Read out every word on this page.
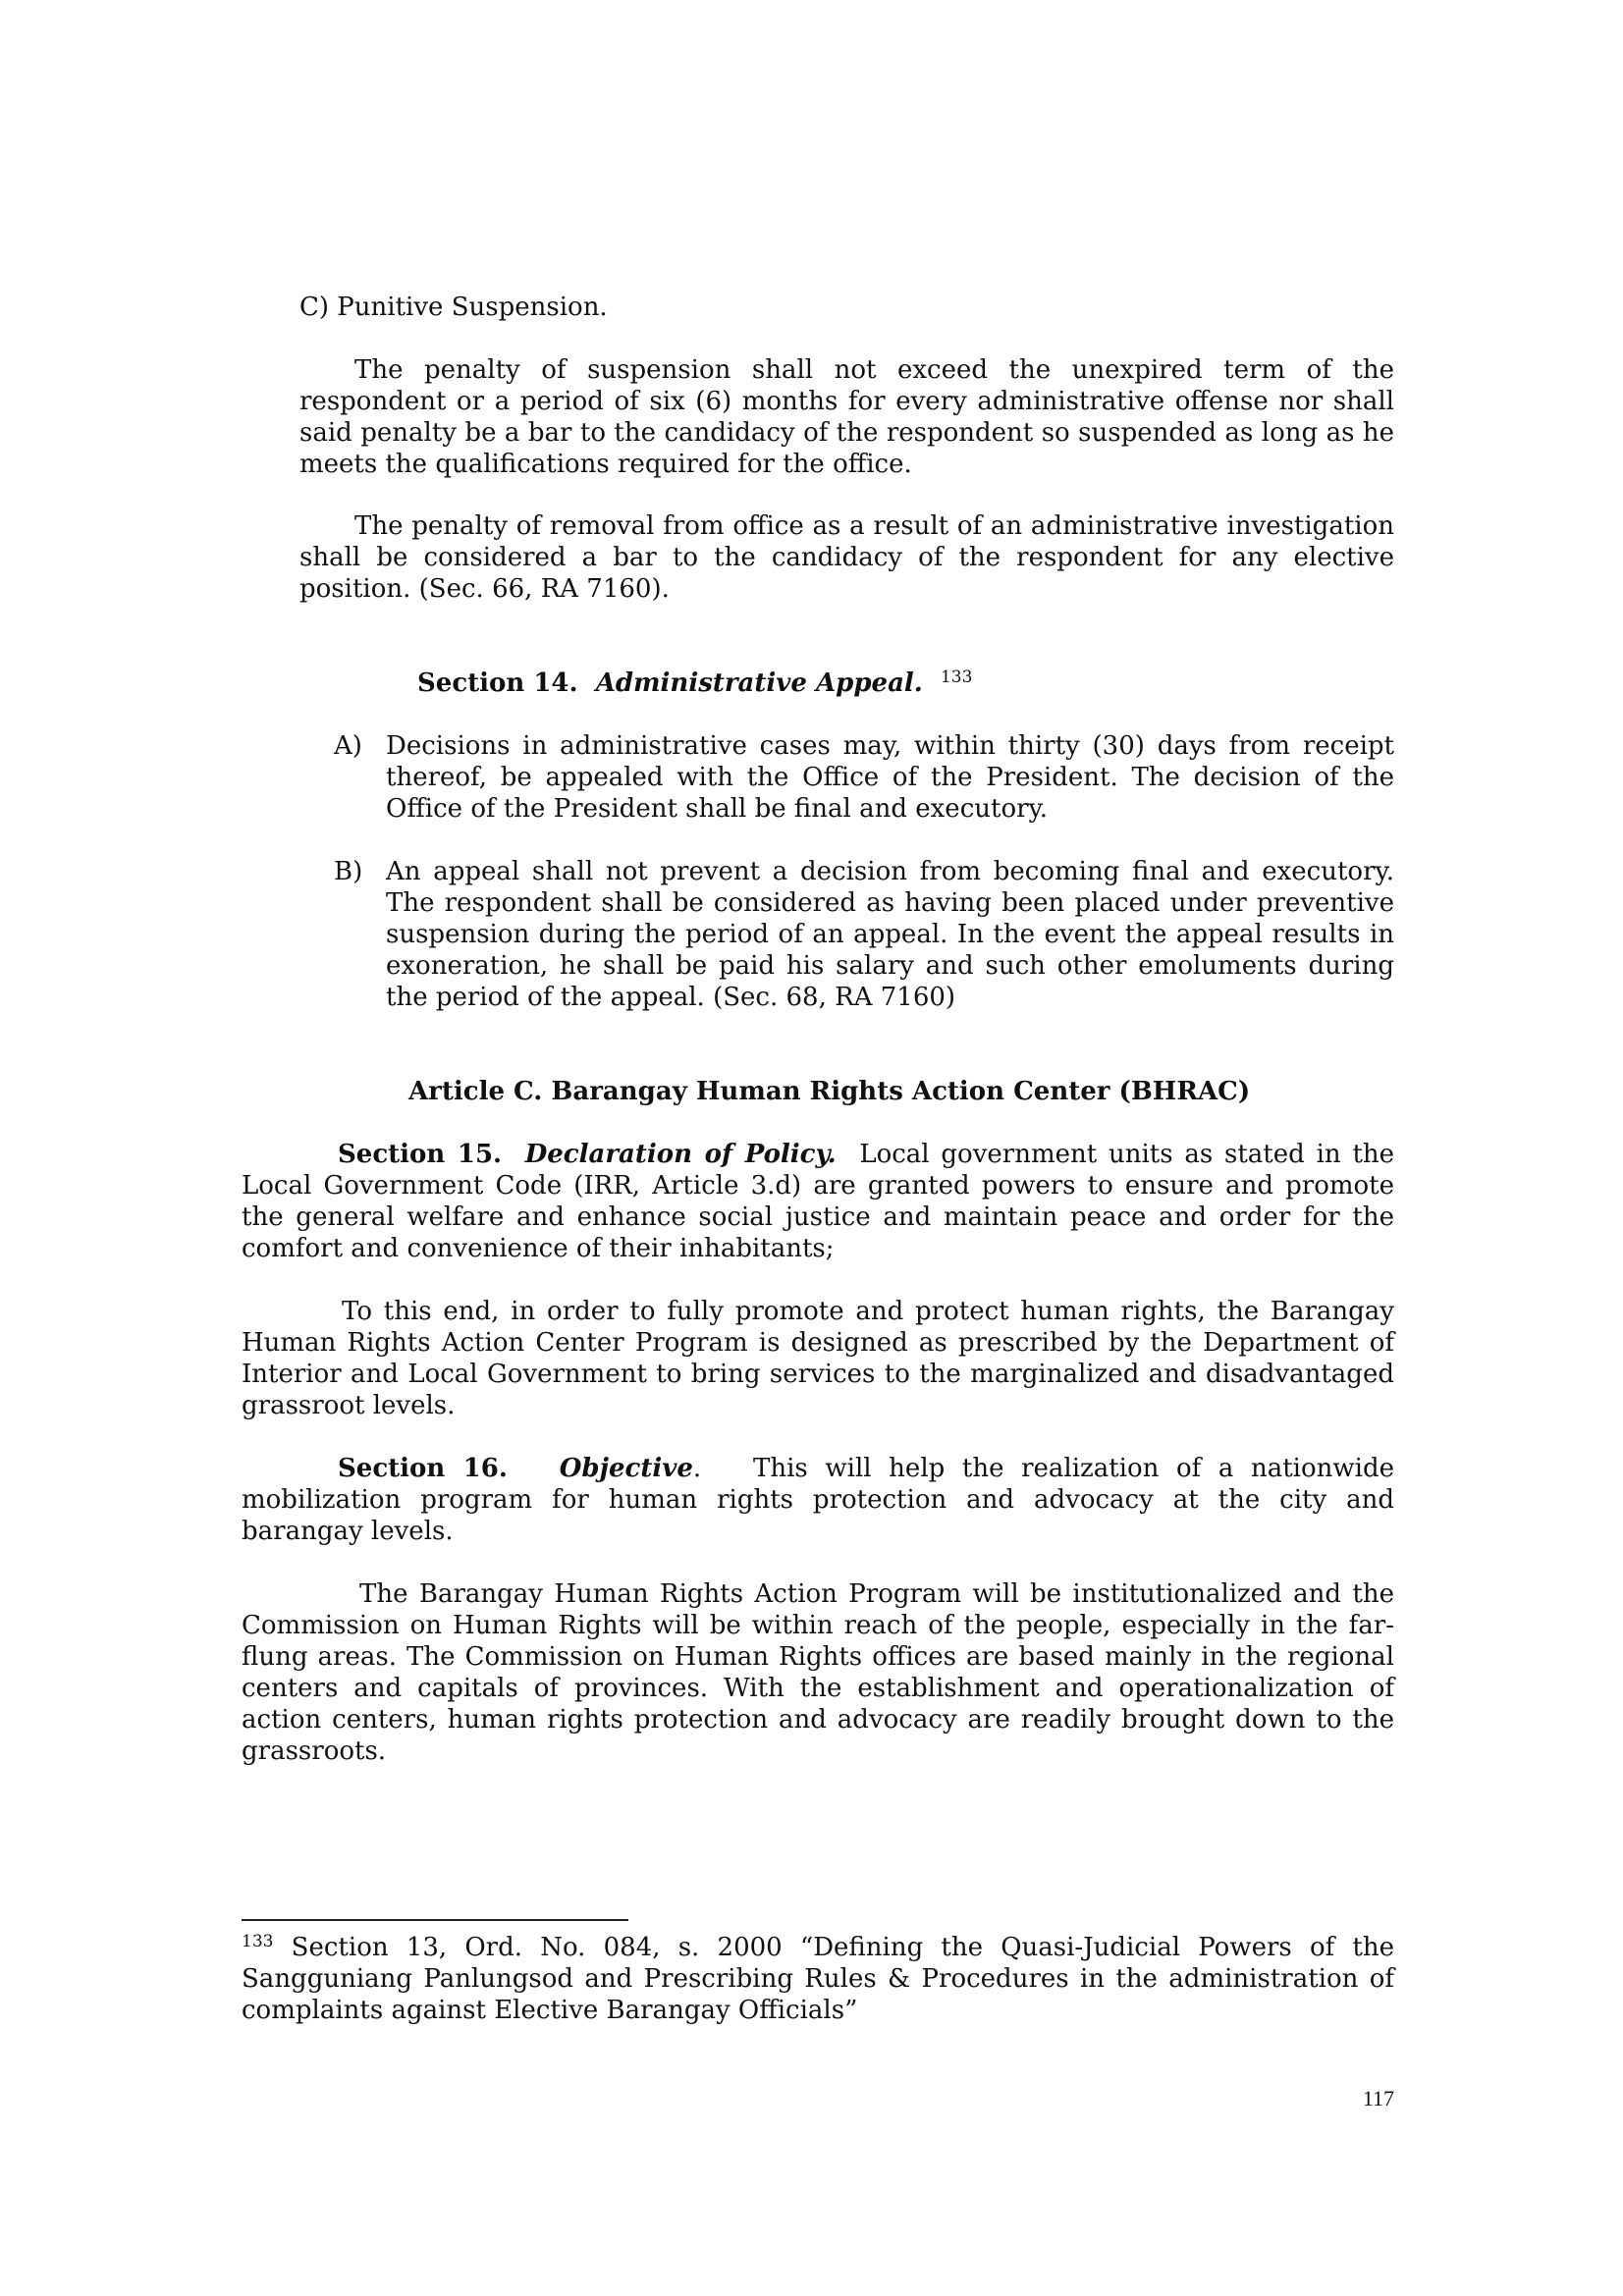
C) Punitive Suspension.

The penalty of suspension shall not exceed the unexpired term of the respondent or a period of six (6) months for every administrative offense nor shall said penalty be a bar to the candidacy of the respondent so suspended as long as he meets the qualifications required for the office.

The penalty of removal from office as a result of an administrative investigation shall be considered a bar to the candidacy of the respondent for any elective position. (Sec. 66, RA 7160).

Section 14. Administrative Appeal. $^{133}$
A) Decisions in administrative cases may, within thirty (30) days from receipt thereof, be appealed with the Office of the President. The decision of the Office of the President shall be final and executory.
B) An appeal shall not prevent a decision from becoming final and executory. The respondent shall be considered as having been placed under preventive suspension during the period of an appeal. In the event the appeal results in exoneration, he shall be paid his salary and such other emoluments during the period of the appeal. (Sec. 68, RA 7160)
Article C. Barangay Human Rights Action Center (BHRAC)

Section 15. Declaration of Policy. Local government units as stated in the Local Government Code (IRR, Article 3.d) are granted powers to ensure and promote the general welfare and enhance social justice and maintain peace and order for the comfort and convenience of their inhabitants;

To this end, in order to fully promote and protect human rights, the Barangay Human Rights Action Center Program is designed as prescribed by the Department of Interior and Local Government to bring services to the marginalized and disadvantaged grassroot levels.

Section 16. Objective.   This will help the realization of a nationwide mobilization program for human rights protection and advocacy at the city and barangay levels.

The Barangay Human Rights Action Program will be institutionalized and the Commission on Human Rights will be within reach of the people, especially in the far-flung areas. The Commission on Human Rights offices are based mainly in the regional centers and capitals of provinces. With the establishment and operationalization of action centers, human rights protection and advocacy are readily brought down to the grassroots.

$^{133}$ Section 13, Ord. No. 084, s. 2000 “Defining the Quasi-Judicial Powers of the Sangguniang Panlungsod and Prescribing Rules & Procedures in the administration of complaints against Elective Barangay Officials”
117
